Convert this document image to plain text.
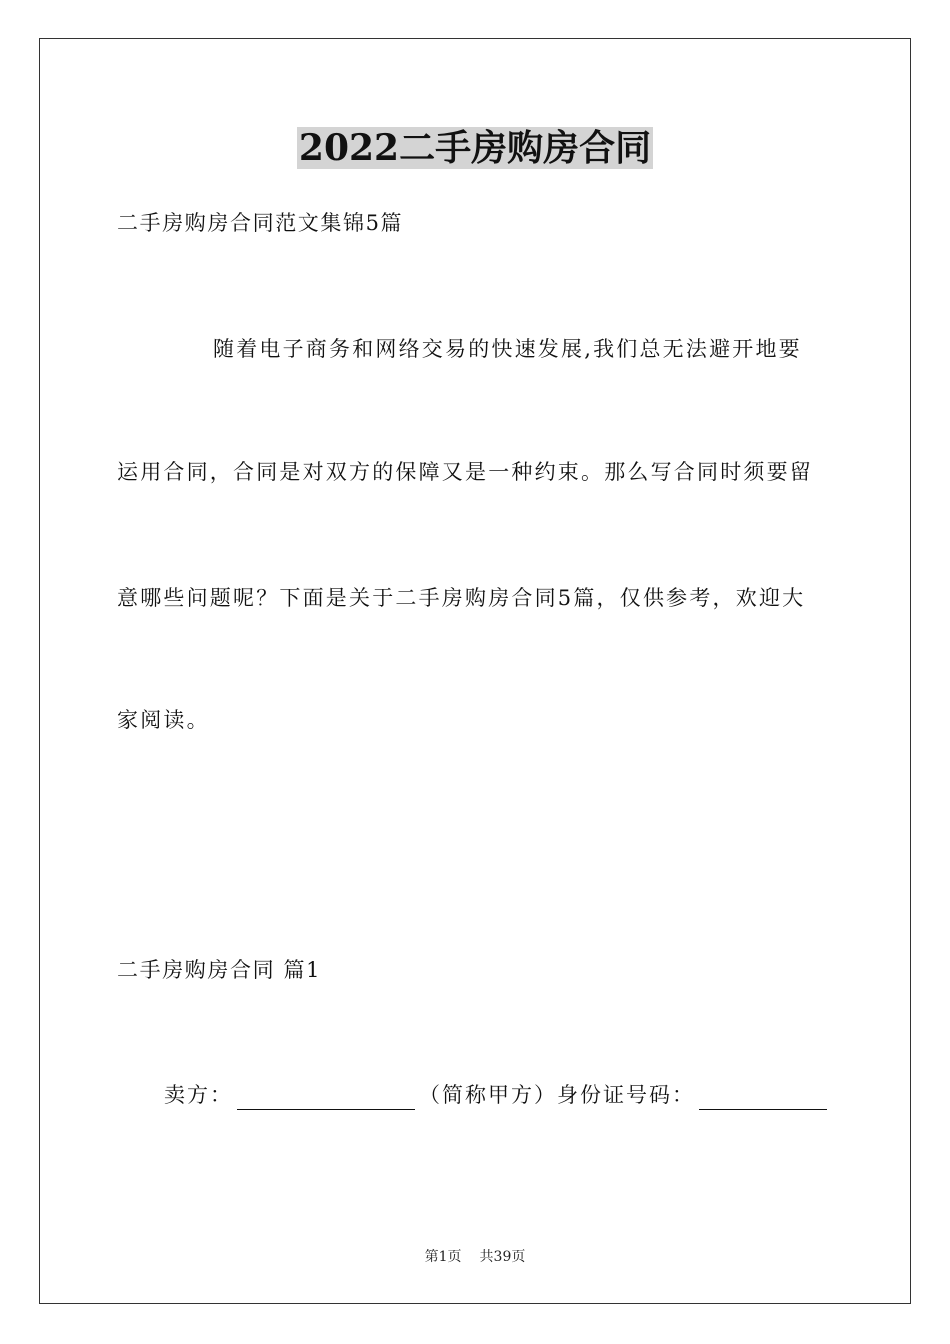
2022二手房购房合同
二手房购房合同范文集锦5篇
随着电子商务和网络交易的快速发展,我们总无法避开地要
运用合同，合同是对双方的保障又是一种约束。那么写合同时须要留
意哪些问题呢？下面是关于二手房购房合同5篇，仅供参考，欢迎大
家阅读。
二手房购房合同 篇1
卖方：	（简称甲方）身份证号码：
第1页 共39页
